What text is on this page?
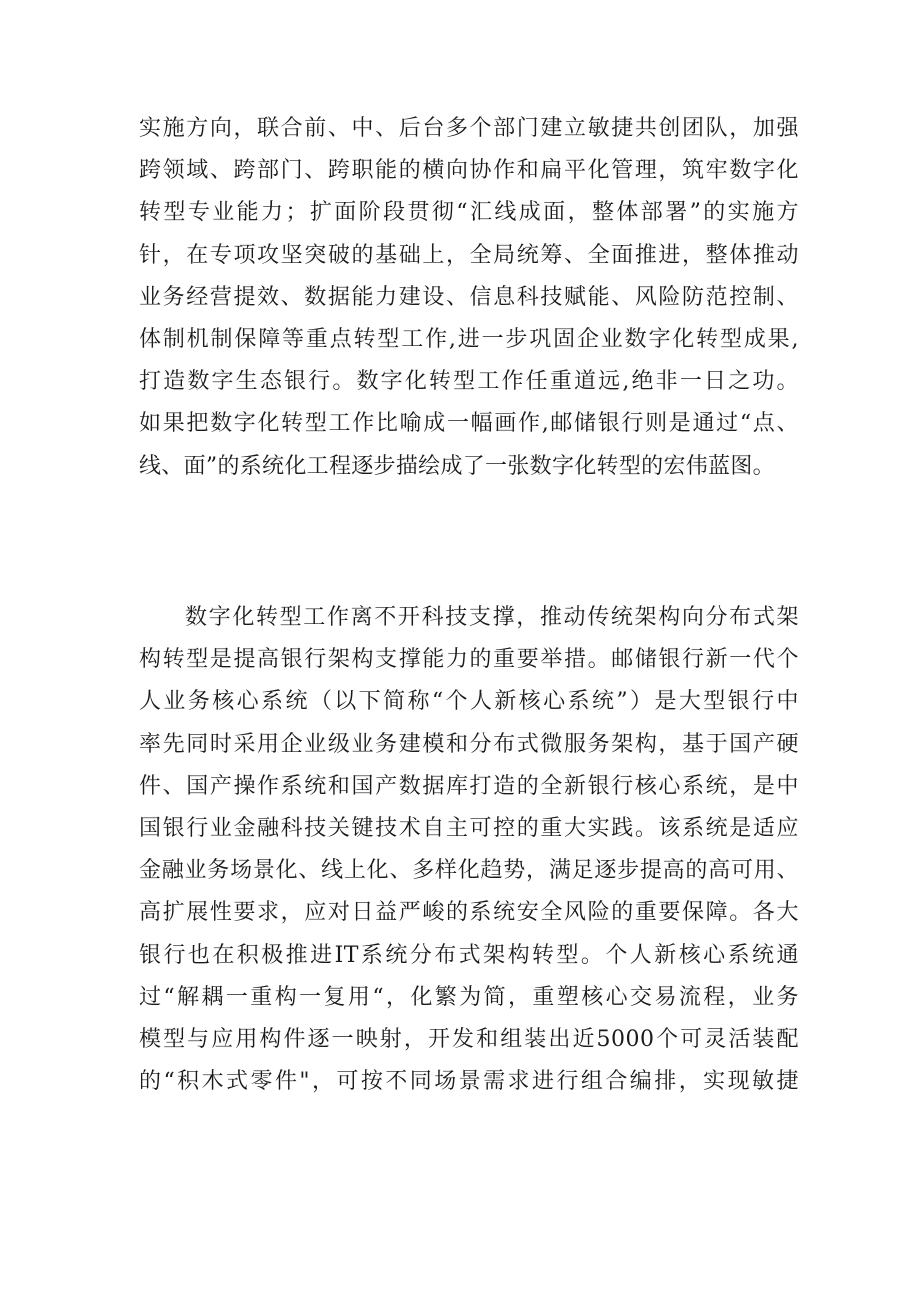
实施方向，联合前、中、后台多个部门建立敏捷共创团队，加强
跨领域、跨部门、跨职能的横向协作和扁平化管理，筑牢数字化
转型专业能力；扩面阶段贯彻“汇线成面，整体部署”的实施方
针，在专项攻坚突破的基础上，全局统筹、全面推进，整体推动
业务经营提效、数据能力建设、信息科技赋能、风险防范控制、
体制机制保障等重点转型工作,进一步巩固企业数字化转型成果,
打造数字生态银行。数字化转型工作任重道远,绝非一日之功。
如果把数字化转型工作比喻成一幅画作,邮储银行则是通过“点、
线、面”的系统化工程逐步描绘成了一张数字化转型的宏伟蓝图。
数字化转型工作离不开科技支撑，推动传统架构向分布式架
构转型是提高银行架构支撑能力的重要举措。邮储银行新一代个
人业务核心系统（以下简称“个人新核心系统”）是大型银行中
率先同时采用企业级业务建模和分布式微服务架构，基于国产硬
件、国产操作系统和国产数据库打造的全新银行核心系统，是中
国银行业金融科技关键技术自主可控的重大实践。该系统是适应
金融业务场景化、线上化、多样化趋势，满足逐步提高的高可用、
高扩展性要求，应对日益严峻的系统安全风险的重要保障。各大
银行也在积极推进IT系统分布式架构转型。个人新核心系统通
过“解耦一重构一复用“，化繁为简，重塑核心交易流程，业务
模型与应用构件逐一映射，开发和组装出近5000个可灵活装配
的“积木式零件"，可按不同场景需求进行组合编排，实现敏捷
